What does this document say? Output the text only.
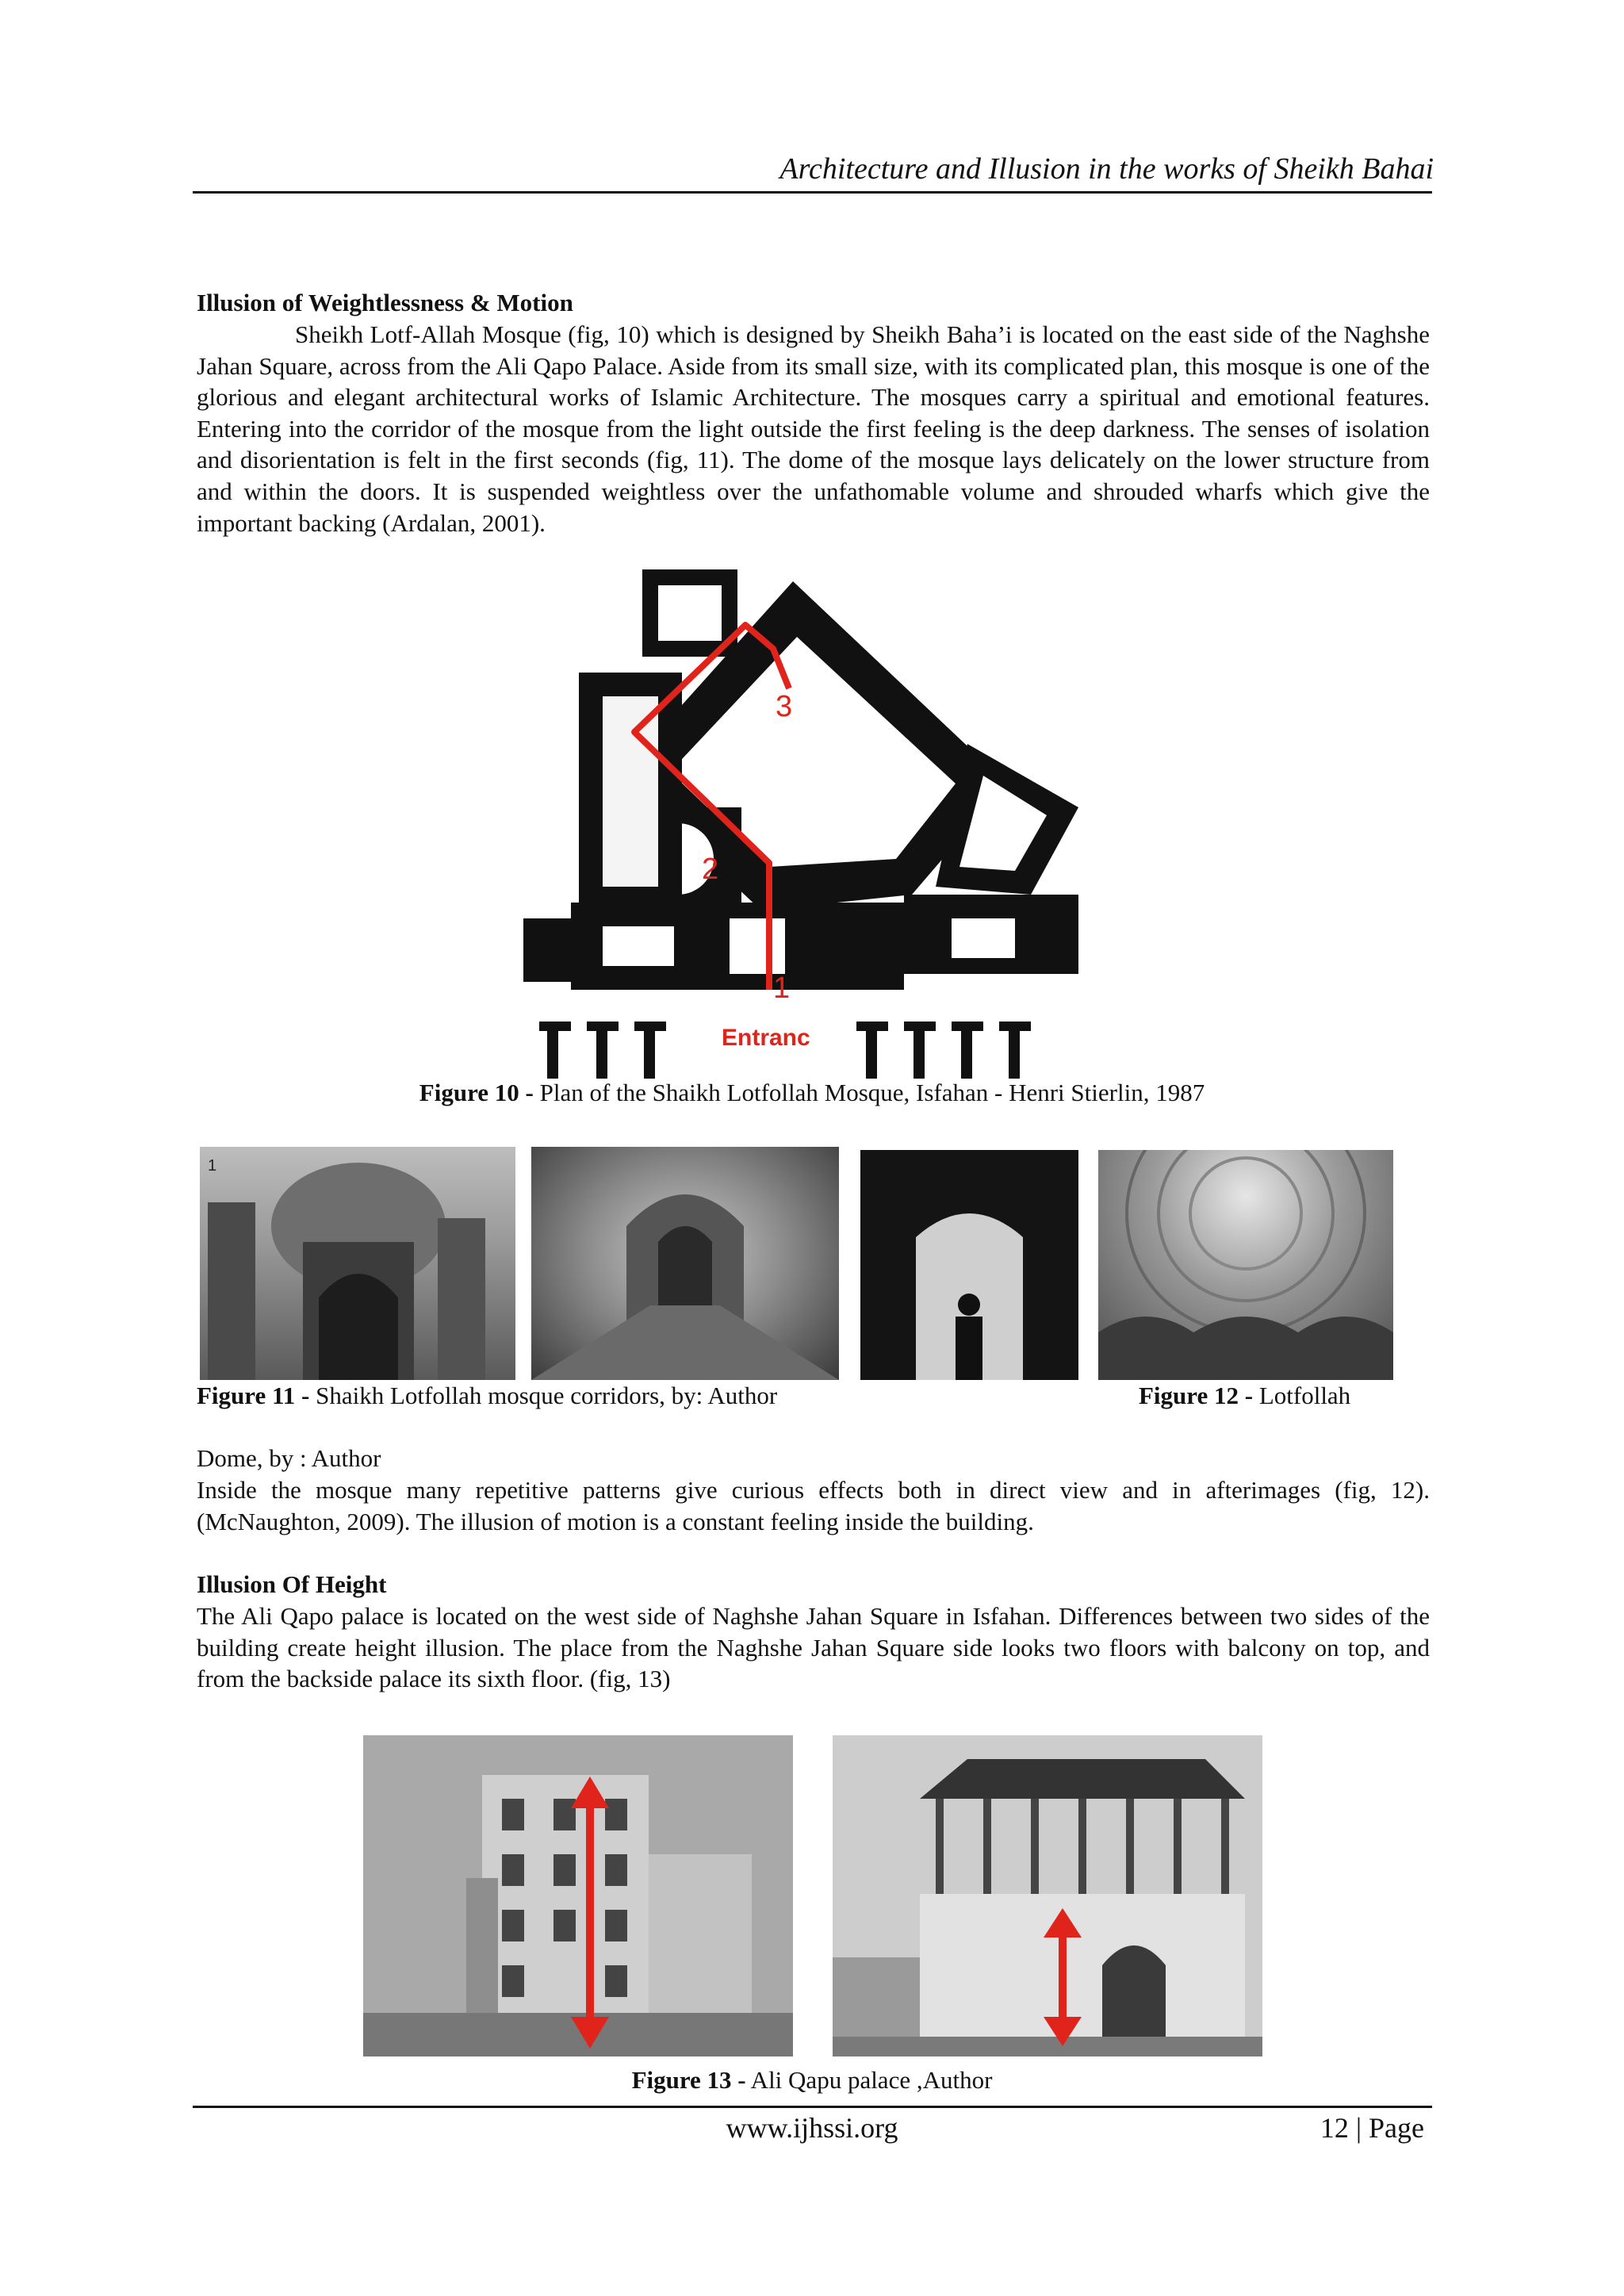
Architecture and Illusion in the works of Sheikh Bahai
Illusion of Weightlessness & Motion

Sheikh Lotf-Allah Mosque (fig, 10) which is designed by Sheikh Baha’i is located on the east side of the Naghshe Jahan Square, across from the Ali Qapo Palace. Aside from its small size, with its complicated plan, this mosque is one of the glorious and elegant architectural works of Islamic Architecture. The mosques carry a spiritual and emotional features. Entering into the corridor of the mosque from the light outside the first feeling is the deep darkness. The senses of isolation and disorientation is felt in the first seconds (fig, 11). The dome of the mosque lays delicately on the lower structure from and within the doors. It is suspended weightless over the unfathomable volume and shrouded wharfs which give the important backing (Ardalan, 2001).

1
2
3
Entranc
Figure 10 - Plan of the Shaikh Lotfollah Mosque, Isfahan - Henri Stierlin, 1987
1
Figure 11 - Shaikh Lotfollah mosque corridors, by: Author	Figure 12 - Lotfollah
Dome, by : Author

Inside the mosque many repetitive patterns give curious effects both in direct view and in afterimages (fig, 12). (McNaughton, 2009). The illusion of motion is a constant feeling inside the building.

Illusion Of Height

The Ali Qapo palace is located on the west side of Naghshe Jahan Square in Isfahan. Differences between two sides of the building create height illusion. The place from the Naghshe Jahan Square side looks two floors with balcony on top, and from the backside palace its sixth floor. (fig, 13)

Figure 13 - Ali Qapu palace ,Author
www.ijhssi.org	12 | Page
